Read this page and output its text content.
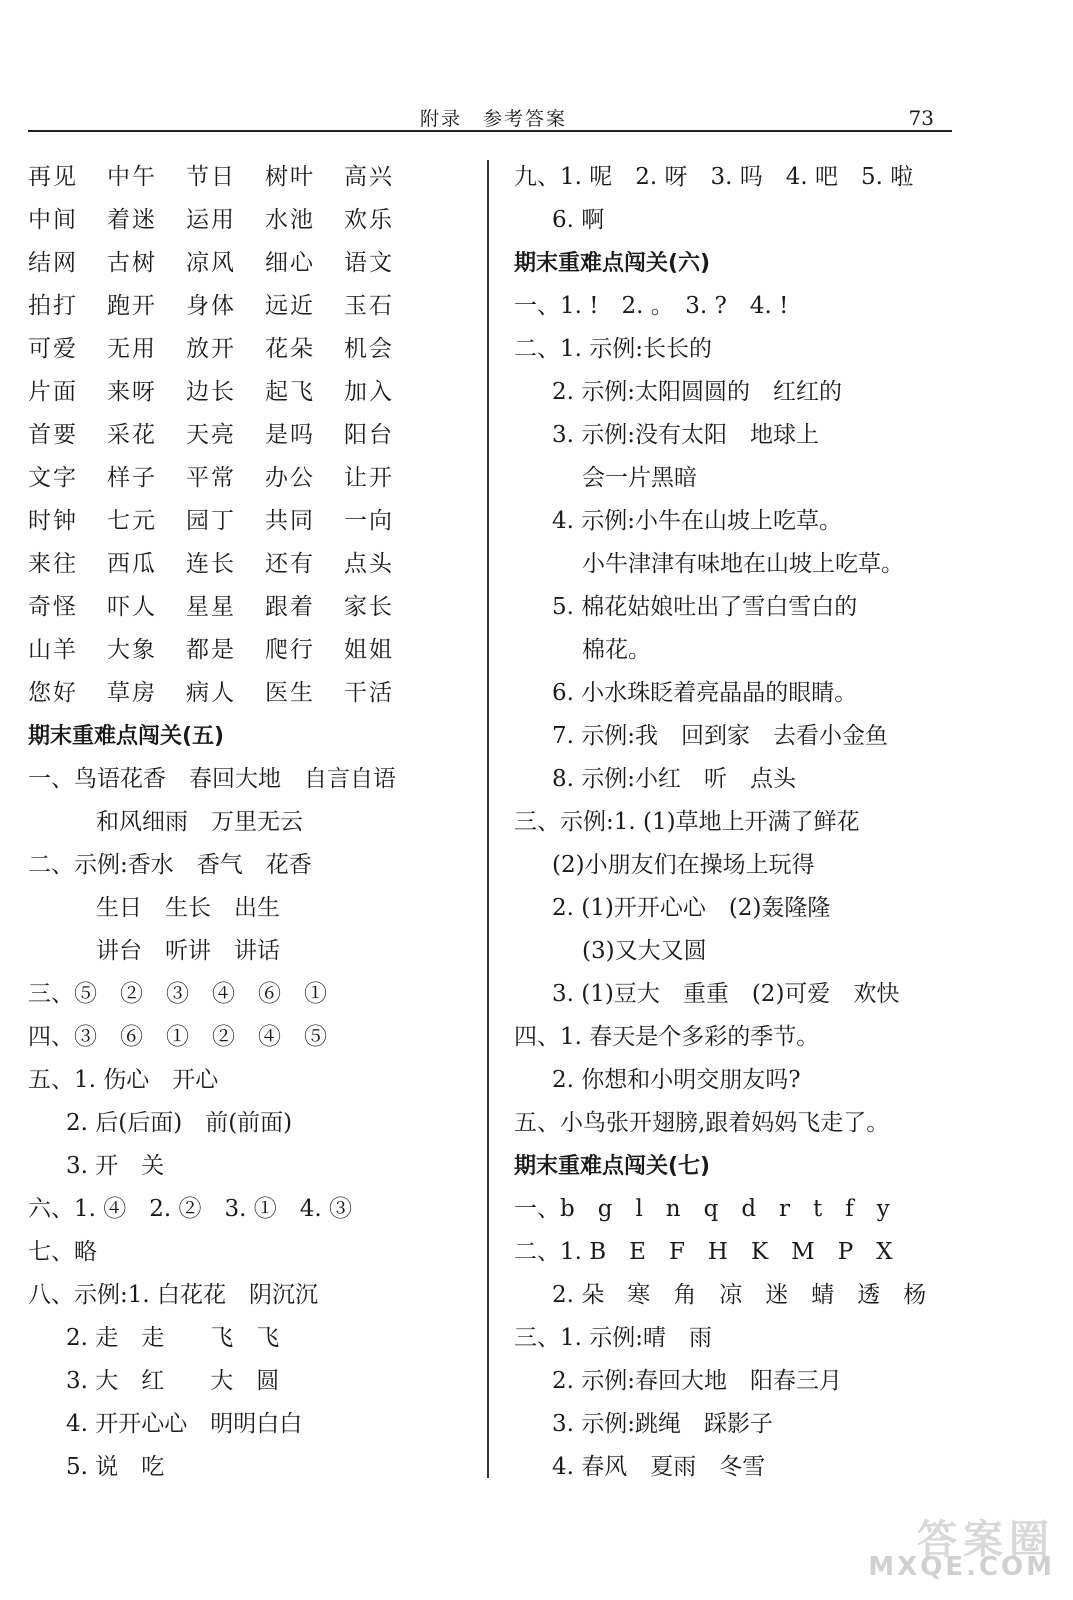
附录　参考答案	73
再见	中午	节日	树叶	高兴
中间	着迷	运用	水池	欢乐
结网	古树	凉风	细心	语文
拍打	跑开	身体	远近	玉石
可爱	无用	放开	花朵	机会
片面	来呀	边长	起飞	加入
首要	采花	天亮	是吗	阳台
文字	样子	平常	办公	让开
时钟	七元	园丁	共同	一向
来往	西瓜	连长	还有	点头
奇怪	吓人	星星	跟着	家长
山羊	大象	都是	爬行	姐姐
您好	草房	病人	医生	干活
期末重难点闯关(五)
一、鸟语花香　春回大地　自言自语
和风细雨　万里无云
二、示例:香水　香气　花香
生日　生长　出生
讲台　听讲　讲话
三、⑤　②　③　④　⑥　①
四、③　⑥　①　②　④　⑤
五、1. 伤心　开心
2. 后(后面)　前(前面)
3. 开　关
六、1. ④　2. ②　3. ①　4. ③
七、略
八、示例:1. 白花花　阴沉沉
2. 走　走　　飞　飞
3. 大　红　　大　圆
4. 开开心心　明明白白
5. 说　吃
九、1. 呢　2. 呀　3. 吗　4. 吧　5. 啦
6. 啊
期末重难点闯关(六)
一、1. !　2. 。　3. ?　4. !
二、1. 示例:长长的
2. 示例:太阳圆圆的　红红的
3. 示例:没有太阳　地球上
会一片黑暗
4. 示例:小牛在山坡上吃草。
小牛津津有味地在山坡上吃草。
5. 棉花姑娘吐出了雪白雪白的
棉花。
6. 小水珠眨着亮晶晶的眼睛。
7. 示例:我　回到家　去看小金鱼
8. 示例:小红　听　点头
三、示例:1. (1)草地上开满了鲜花
(2)小朋友们在操场上玩得
2. (1)开开心心　(2)轰隆隆
(3)又大又圆
3. (1)豆大　重重　(2)可爱　欢快
四、1. 春天是个多彩的季节。
2. 你想和小明交朋友吗?
五、小鸟张开翅膀,跟着妈妈飞走了。
期末重难点闯关(七)
一、b　g　l　n　q　d　r　t　f　y
二、1. B　E　F　H　K　M　P　X
2. 朵　寒　角　凉　迷　蜻　透　杨
三、1. 示例:晴　雨
2. 示例:春回大地　阳春三月
3. 示例:跳绳　踩影子
4. 春风　夏雨　冬雪
答案圈
MXQE.COM
